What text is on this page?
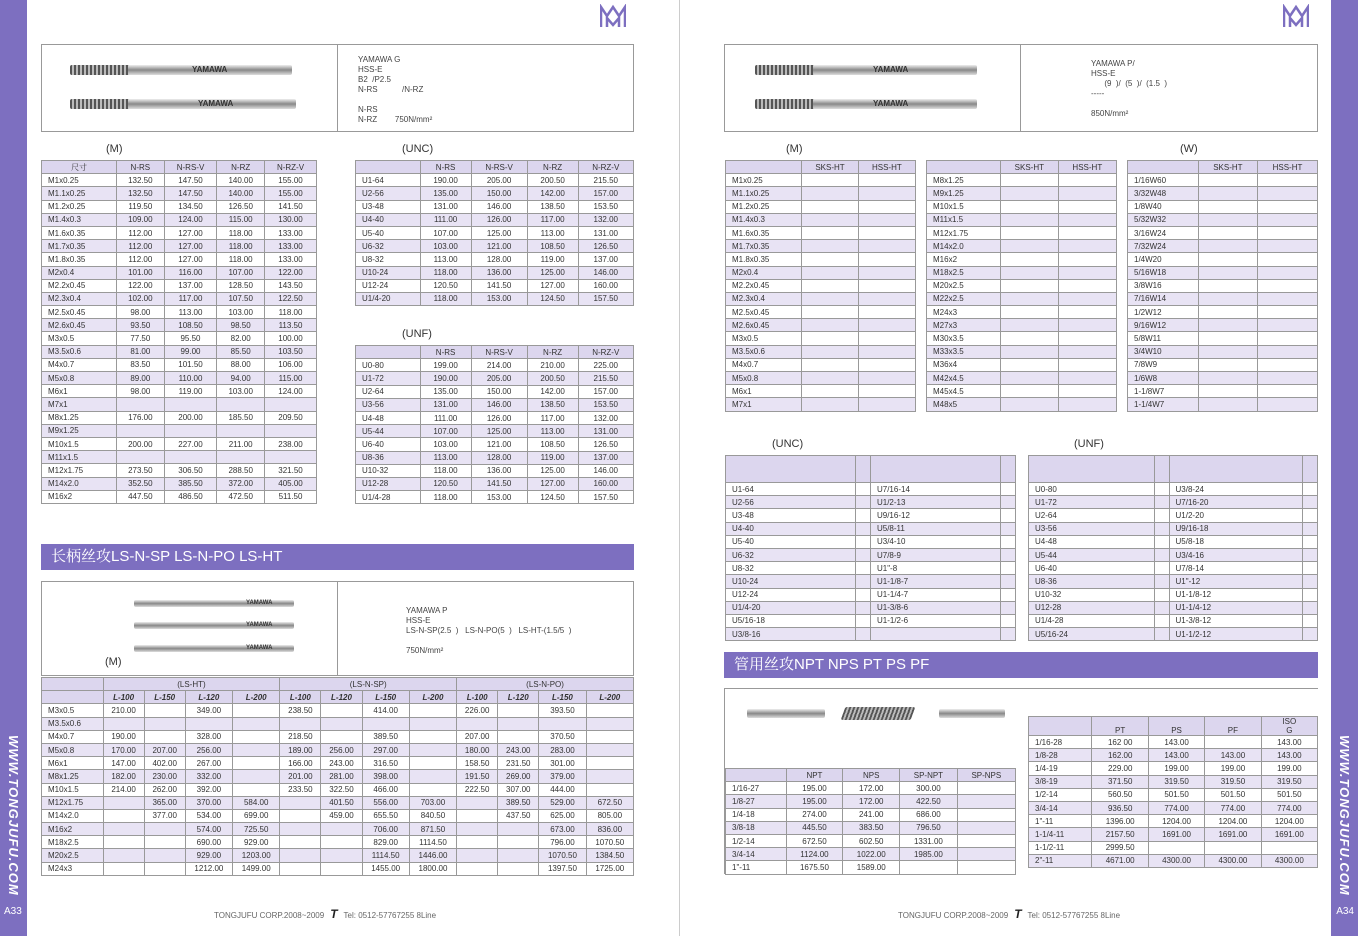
WWW.TONGJUFU.COM
A33
WWW.TONGJUFU.COM
A34
YAMAWA
YAMAWA
YAMAWA G
HSS-E
B2  /P2.5
N-RS           /N-RZ

N-RS
N-RZ        750N/mm²
(M)	(UNC)
(UNF)
尺寸	N-RS	N-RS-V	N-RZ	N-RZ-V
M1x0.25	132.50	147.50	140.00	155.00
M1.1x0.25	132.50	147.50	140.00	155.00
M1.2x0.25	119.50	134.50	126.50	141.50
M1.4x0.3	109.00	124.00	115.00	130.00
M1.6x0.35	112.00	127.00	118.00	133.00
M1.7x0.35	112.00	127.00	118.00	133.00
M1.8x0.35	112.00	127.00	118.00	133.00
M2x0.4	101.00	116.00	107.00	122.00
M2.2x0.45	122.00	137.00	128.50	143.50
M2.3x0.4	102.00	117.00	107.50	122.50
M2.5x0.45	98.00	113.00	103.00	118.00
M2.6x0.45	93.50	108.50	98.50	113.50
M3x0.5	77.50	95.50	82.00	100.00
M3.5x0.6	81.00	99.00	85.50	103.50
M4x0.7	83.50	101.50	88.00	106.00
M5x0.8	89.00	110.00	94.00	115.00
M6x1	98.00	119.00	103.00	124.00
M7x1				
M8x1.25	176.00	200.00	185.50	209.50
M9x1.25				
M10x1.5	200.00	227.00	211.00	238.00
M11x1.5				
M12x1.75	273.50	306.50	288.50	321.50
M14x2.0	352.50	385.50	372.00	405.00
M16x2	447.50	486.50	472.50	511.50
	N-RS	N-RS-V	N-RZ	N-RZ-V
U1-64	190.00	205.00	200.50	215.50
U2-56	135.00	150.00	142.00	157.00
U3-48	131.00	146.00	138.50	153.50
U4-40	111.00	126.00	117.00	132.00
U5-40	107.00	125.00	113.00	131.00
U6-32	103.00	121.00	108.50	126.50
U8-32	113.00	128.00	119.00	137.00
U10-24	118.00	136.00	125.00	146.00
U12-24	120.50	141.50	127.00	160.00
U1/4-20	118.00	153.00	124.50	157.50
	N-RS	N-RS-V	N-RZ	N-RZ-V
U0-80	199.00	214.00	210.00	225.00
U1-72	190.00	205.00	200.50	215.50
U2-64	135.00	150.00	142.00	157.00
U3-56	131.00	146.00	138.50	153.50
U4-48	111.00	126.00	117.00	132.00
U5-44	107.00	125.00	113.00	131.00
U6-40	103.00	121.00	108.50	126.50
U8-36	113.00	128.00	119.00	137.00
U10-32	118.00	136.00	125.00	146.00
U12-28	120.50	141.50	127.00	160.00
U1/4-28	118.00	153.00	124.50	157.50
长柄丝攻LS-N-SP LS-N-PO LS-HT
YAMAWA
YAMAWA
YAMAWA
(M)
YAMAWA P
HSS-E
LS-N-SP(2.5  )   LS-N-PO(5  )   LS-HT-(1.5/5  )

750N/mm²
	(LS-HT)				(LS-N-SP)				(LS-N-PO)			
	L-100	L-150	L-120	L-200	L-100	L-120	L-150	L-200	L-100	L-120	L-150	L-200
M3x0.5	210.00		349.00		238.50		414.00		226.00		393.50	
M3.5x0.6												
M4x0.7	190.00		328.00		218.50		389.50		207.00		370.50	
M5x0.8	170.00	207.00	256.00		189.00	256.00	297.00		180.00	243.00	283.00	
M6x1	147.00	402.00	267.00		166.00	243.00	316.50		158.50	231.50	301.00	
M8x1.25	182.00	230.00	332.00		201.00	281.00	398.00		191.50	269.00	379.00	
M10x1.5	214.00	262.00	392.00		233.50	322.50	466.00		222.50	307.00	444.00	
M12x1.75		365.00	370.00	584.00		401.50	556.00	703.00		389.50	529.00	672.50
M14x2.0		377.00	534.00	699.00		459.00	655.50	840.50		437.50	625.00	805.00
M16x2			574.00	725.50			706.00	871.50			673.00	836.00
M18x2.5			690.00	929.00			829.00	1114.50			796.00	1070.50
M20x2.5			929.00	1203.00			1114.50	1446.00			1070.50	1384.50
M24x3			1212.00	1499.00			1455.00	1800.00			1397.50	1725.00
TONGJUFU CORP.2008~2009 T Tel: 0512-57767255 8Line
YAMAWA
YAMAWA
YAMAWA P/
HSS-E
(9  )/  (5  )/  (1.5  )
-----

850N/mm²
(M)	(W)
	SKS-HT	HSS-HT
M1x0.25		
M1.1x0.25		
M1.2x0.25		
M1.4x0.3		
M1.6x0.35		
M1.7x0.35		
M1.8x0.35		
M2x0.4		
M2.2x0.45		
M2.3x0.4		
M2.5x0.45		
M2.6x0.45		
M3x0.5		
M3.5x0.6		
M4x0.7		
M5x0.8		
M6x1		
M7x1		
	SKS-HT	HSS-HT
M8x1.25		
M9x1.25		
M10x1.5		
M11x1.5		
M12x1.75		
M14x2.0		
M16x2		
M18x2.5		
M20x2.5		
M22x2.5		
M24x3		
M27x3		
M30x3.5		
M33x3.5		
M36x4		
M42x4.5		
M45x4.5		
M48x5		
	SKS-HT	HSS-HT
1/16W60		
3/32W48		
1/8W40		
5/32W32		
3/16W24		
7/32W24		
1/4W20		
5/16W18		
3/8W16		
7/16W14		
1/2W12		
9/16W12		
5/8W11		
3/4W10		
7/8W9		
1/6W8		
1-1/8W7		
1-1/4W7		
(UNC)	(UNF)

U1-64		U7/16-14	
U2-56		U1/2-13	
U3-48		U9/16-12	
U4-40		U5/8-11	
U5-40		U3/4-10	
U6-32		U7/8-9	
U8-32		U1"-8	
U10-24		U1-1/8-7	
U12-24		U1-1/4-7	
U1/4-20		U1-3/8-6	
U5/16-18		U1-1/2-6	
U3/8-16			

U0-80		U3/8-24	
U1-72		U7/16-20	
U2-64		U1/2-20	
U3-56		U9/16-18	
U4-48		U5/8-18	
U5-44		U3/4-16	
U6-40		U7/8-14	
U8-36		U1"-12	
U10-32		U1-1/8-12	
U12-28		U1-1/4-12	
U1/4-28		U1-3/8-12	
U5/16-24		U1-1/2-12	
管用丝攻NPT NPS PT PS PF
	NPT	NPS	SP-NPT	SP-NPS
1/16-27	195.00	172.00	300.00	
1/8-27	195.00	172.00	422.50	
1/4-18	274.00	241.00	686.00	
3/8-18	445.50	383.50	796.50	
1/2-14	672.50	602.50	1331.00	
3/4-14	1124.00	1022.00	1985.00	
1"-11	1675.50	1589.00		
	PT	PS	PF	ISO
G

1/16-28	162 00	143.00		143.00
1/8-28	162.00	143.00	143.00	143.00
1/4-19	229.00	199.00	199.00	199.00
3/8-19	371.50	319.50	319.50	319.50
1/2-14	560.50	501.50	501.50	501.50
3/4-14	936.50	774.00	774.00	774.00
1"-11	1396.00	1204.00	1204.00	1204.00
1-1/4-11	2157.50	1691.00	1691.00	1691.00
1-1/2-11	2999.50			
2"-11	4671.00	4300.00	4300.00	4300.00
TONGJUFU CORP.2008~2009 T Tel: 0512-57767255 8Line
